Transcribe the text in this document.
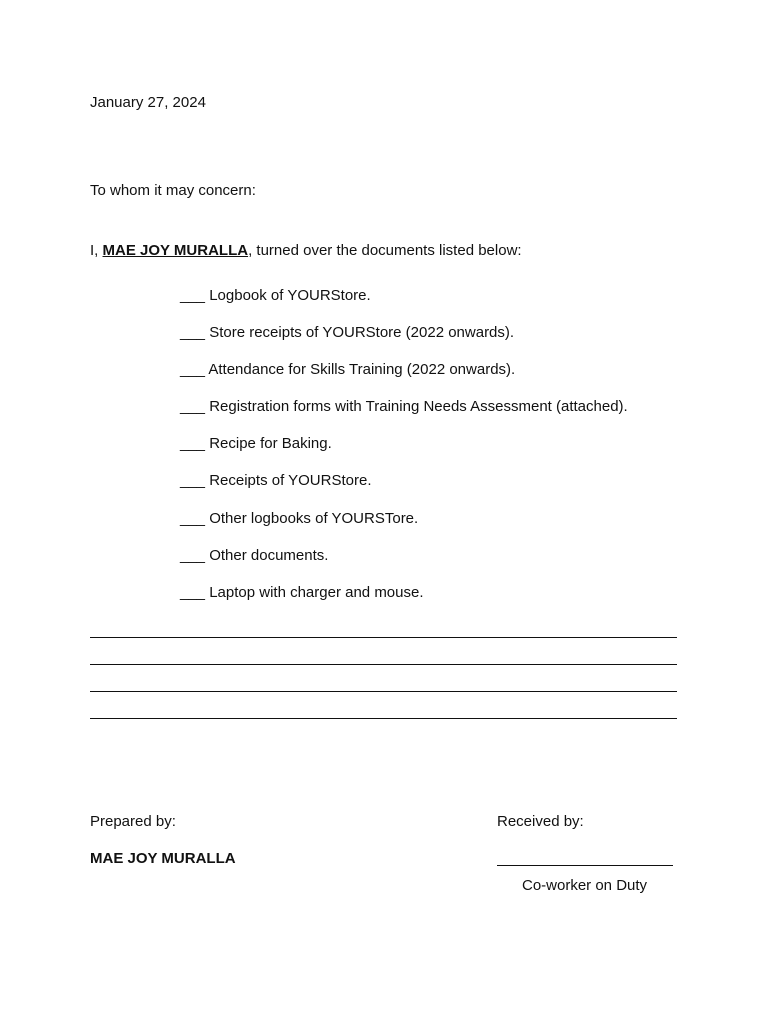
January 27, 2024
To whom it may concern:
I, MAE JOY MURALLA, turned over the documents listed below:
___ Logbook of YOURStore.
___ Store receipts of YOURStore (2022 onwards).
___ Attendance for Skills Training (2022 onwards).
___ Registration forms with Training Needs Assessment (attached).
___ Recipe for Baking.
___ Receipts of YOURStore.
___ Other logbooks of YOURSTore.
___ Other documents.
___ Laptop with charger and mouse.
Prepared by:
MAE JOY MURALLA
Received by:
Co-worker on Duty
